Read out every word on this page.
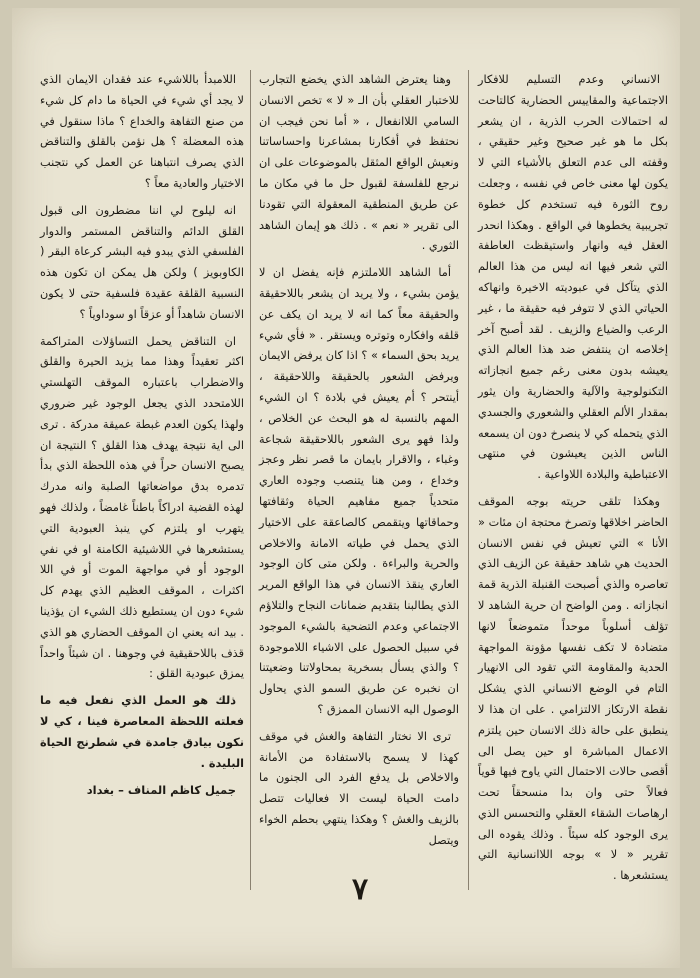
الانساني وعدم التسليم للافكار الاجتماعية والمقاييس الحضارية كالتاحت له احتمالات الحرب الذرية ، ان يشعر بكل ما هو غير صحيح وغير حقيقي ، وقفته الى عدم التعلق بالأشياء التي لا يكون لها معنى خاص في نفسه ، وجعلت روح الثورة فيه تستخدم كل خطوة تجريبية يخطوها في الواقع . وهكذا انحدر العقل فيه وانهار واستيقظت العاطفة التي شعر فيها انه ليس من هذا العالم الذي يتآكل في عبوديته الاخيرة وانهاكه الحياتي الذي لا تتوفر فيه حقيقة ما ، غير الرعب والضياع والزيف . لقد أصبح آخر إخلاصه ان ينتفض ضد هذا العالم الذي يعيشه بدون معنى رغم جميع انجازاته التكنولوجية والآلية والحضارية وان يثور بمقدار الألم العقلي والشعوري والجسدي الذي يتحمله كي لا ينصرخ دون ان يسمعه الناس الذين يعيشون في منتهى الاعتباطية والبلادة اللاواعية .

وهكذا تلقى حريته بوجه الموقف الحاضر اخلاقها وتصرخ محتجة ان مئات « الأنا » التي تعيش في نفس الانسان الحديث هي شاهد حقيقة عن الزيف الذي تعاصره والذي أصبحت القنبلة الذرية قمة انجازاته . ومن الواضح ان حرية الشاهد لا تؤلف أسلوباً موحداً متموضعاً لانها متضادة لا تكف نفسها مؤونة المواجهة الحدية والمقاومة التي تقود الى الانهيار التام في الوضع الانساني الذي يشكل نقطة الارتكاز الالتزامي . على ان هذا لا ينطبق على حالة ذلك الانسان حين يلتزم الاعمال المباشرة او حين يصل الى أقصى حالات الاحتمال التي ياوح فيها قوياً فعالاً حتى وان بدا منسحقاً تحت ارهاصات الشقاء العقلي والتحسس الذي يرى الوجود كله سيئاً . وذلك يقوده الى تقرير « لا » بوجه اللاانسانية التي يستشعرها .

وهنا يعترض الشاهد الذي يخضع التجارب للاختبار العقلي بأن الـ « لا » تخص الانسان السامي اللاانفعال ، « أما نحن فيجب ان نحتفظ في أفكارنا بمشاعرنا واحساساتنا ونعيش الواقع المثقل بالموضوعات على ان نرجع للفلسفة لقبول حل ما في مكان ما عن طريق المنطقية المعقولة التي تقودنا الى تقرير « نعم » . ذلك هو إيمان الشاهد الثوري .

أما الشاهد اللاملتزم فإنه يفضل ان لا يؤمن بشيء ، ولا يريد ان يشعر باللاحقيقة والحقيقة معاً كما انه لا يريد ان يكف عن قلقه وافكاره وتوتره ويستقر . « فأي شيء يريد بحق السماء » ؟ اذا كان يرفض الايمان ويرفض الشعور بالحقيقة واللاحقيقة ، أينتحر ؟ أم يعيش في بلادة ؟ ان الشيء المهم بالنسبة له هو البحث عن الخلاص ، ولذا فهو يرى الشعور باللاحقيقة شجاعة وغباء ، والاقرار بايمان ما قصر نظر وعجز وخداع ، ومن هنا يتنصب وجوده العاري متحدياً جميع مفاهيم الحياة وثقافتها وحماقاتها ويتقمص كالصاعقة على الاختيار الذي يحمل في طياته الامانة والاخلاص والحرية والبراءة . ولكن متى كان الوجود العاري ينقذ الانسان في هذا الواقع المرير الذي يطالبنا بتقديم ضمانات النجاح والتلاؤم الاجتماعي وعدم التضحية بالشيء الموجود في سبيل الحصول على الاشياء اللاموجودة ؟ والذي يسأل بسخرية بمحاولاتنا وضعيتنا ان نخبره عن طريق السمو الذي يحاول الوصول اليه الانسان الممزق ؟

ترى الا نختار التفاهة والغش في موقف كهذا لا يسمح بالاستفادة من الأمانة والاخلاص بل يدفع الفرد الى الجنون ما دامت الحياة ليست الا فعاليات تتصل بالزيف والغش ؟ وهكذا ينتهي بحطم الخواء ويتصل

اللامبدأ باللاشيء عند فقدان الايمان الذي لا يجد أي شيء في الحياة ما دام كل شيء من صنع التفاهة والخداع ؟ ماذا سنقول في هذه المعضلة ؟ هل نؤمن بالقلق والتناقض الذي يصرف انتباهنا عن العمل كي نتجنب الاختيار والعادية معاً ؟

انه ليلوح لي اننا مضطرون الى قبول القلق الدائم والتناقض المستمر والدوار الفلسفي الذي يبدو فيه البشر كرعاة البقر ( الكاوبويز ) ولكن هل يمكن ان تكون هذه النسبية القلقة عقيدة فلسفية حتى لا يكون الانسان شاهداً أو عزقاً او سوداوياً ؟

ان التناقض يحمل التساؤلات المتراكمة اكثر تعقيداً وهذا مما يزيد الحيرة والقلق والاضطراب باعتباره الموقف التهلستي اللامتحدد الذي يجعل الوجود غير ضروري ولهذا يكون العدم غبطة عميقة مدركة . ترى الى اية نتيجة يهدف هذا القلق ؟ النتيجة ان يصبح الانسان حراً في هذه اللحظة الذي بدأ تدمره بدق مواضعاتها الصلبة وانه مدرك لهذه القضية ادراكاً باطناً غامضاً ، ولذلك فهو يتهرب او يلتزم كي ينبذ العبودية التي يستشعرها في اللاشيئية الكامنة او في نفي الوجود أو في مواجهة الموت أو في اللا اكثرات ، الموقف العظيم الذي يهدم كل شيء دون ان يستطيع ذلك الشيء ان يؤذينا . بيد انه يعني ان الموقف الحضاري هو الذي قذف باللاحقيقية في وجوهنا . ان شيئاً واحداً يمزق عبودية القلق :

ذلك هو العمل الذي نفعل فيه ما فعلته اللحظة المعاصرة فينا ، كي لا نكون بيادق جامدة في شطرنج الحياة البليدة .

جميل كاظم المناف – بغداد

٧
